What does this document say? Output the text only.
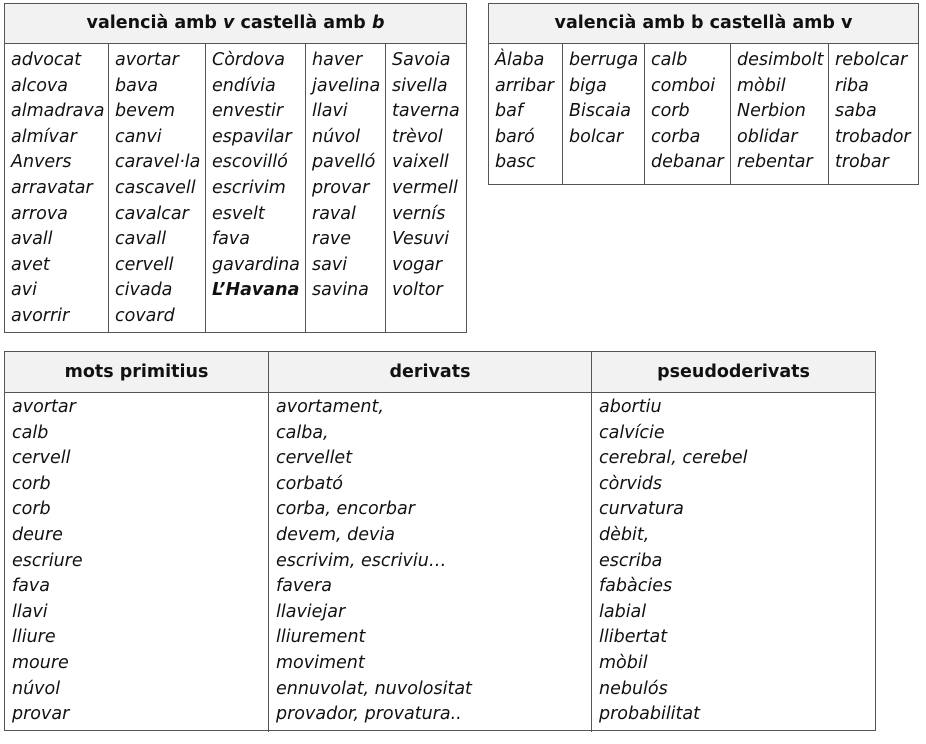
valencià amb v castellà amb b
advocat
alcova
almadrava
almívar
Anvers
arravatar
arrova
avall
avet
avi
avorrir
avortar
bava
bevem
canvi
caravel·la
cascavell
cavalcar
cavall
cervell
civada
covard
Còrdova
endívia
envestir
espavilar
escovilló
escrivim
esvelt
fava
gavardina
L’Havana
haver
javelina
llavi
núvol
pavelló
provar
raval
rave
savi
savina
Savoia
sivella
taverna
trèvol
vaixell
vermell
vernís
Vesuvi
vogar
voltor
valencià amb b castellà amb v
Àlaba
arribar
baf
baró
basc
berruga
biga
Biscaia
bolcar
calb
comboi
corb
corba
debanar
desimbolt
mòbil
Nerbion
oblidar
rebentar
rebolcar
riba
saba
trobador
trobar
mots primitius	derivats	pseudoderivats
avortar
calb
cervell
corb
corb
deure
escriure
fava
llavi
lliure
moure
núvol
provar
avortament,
calba,
cervellet
corbató
corba, encorbar
devem, devia
escrivim, escriviu…
favera
llaviejar
lliurement
moviment
ennuvolat, nuvolositat
provador, provatura..
abortiu
calvície
cerebral, cerebel
còrvids
curvatura
dèbit,
escriba
fabàcies
labial
llibertat
mòbil
nebulós
probabilitat
